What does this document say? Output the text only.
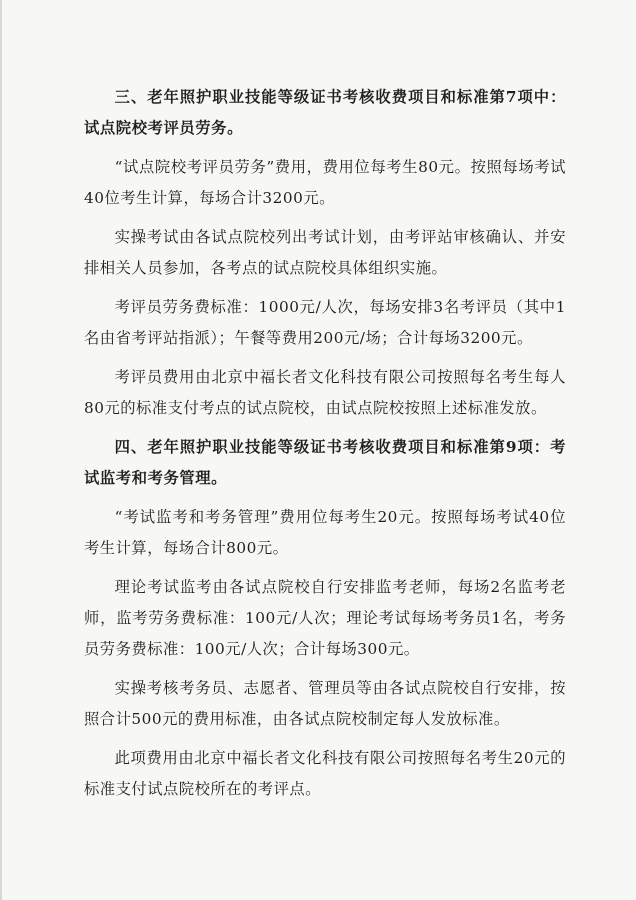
三、老年照护职业技能等级证书考核收费项目和标准第7项中：试点院校考评员劳务。

“试点院校考评员劳务”费用，费用位每考生80元。按照每场考试40位考生计算，每场合计3200元。

实操考试由各试点院校列出考试计划，由考评站审核确认、并安排相关人员参加，各考点的试点院校具体组织实施。

考评员劳务费标准：1000元/人次，每场安排3名考评员（其中1名由省考评站指派）；午餐等费用200元/场；合计每场3200元。

考评员费用由北京中福长者文化科技有限公司按照每名考生每人80元的标准支付考点的试点院校，由试点院校按照上述标准发放。

四、老年照护职业技能等级证书考核收费项目和标准第9项：考试监考和考务管理。

“考试监考和考务管理”费用位每考生20元。按照每场考试40位考生计算，每场合计800元。

理论考试监考由各试点院校自行安排监考老师，每场2名监考老师，监考劳务费标准：100元/人次；理论考试每场考务员1名，考务员劳务费标准：100元/人次；合计每场300元。

实操考核考务员、志愿者、管理员等由各试点院校自行安排，按照合计500元的费用标准，由各试点院校制定每人发放标准。

此项费用由北京中福长者文化科技有限公司按照每名考生20元的标准支付试点院校所在的考评点。
